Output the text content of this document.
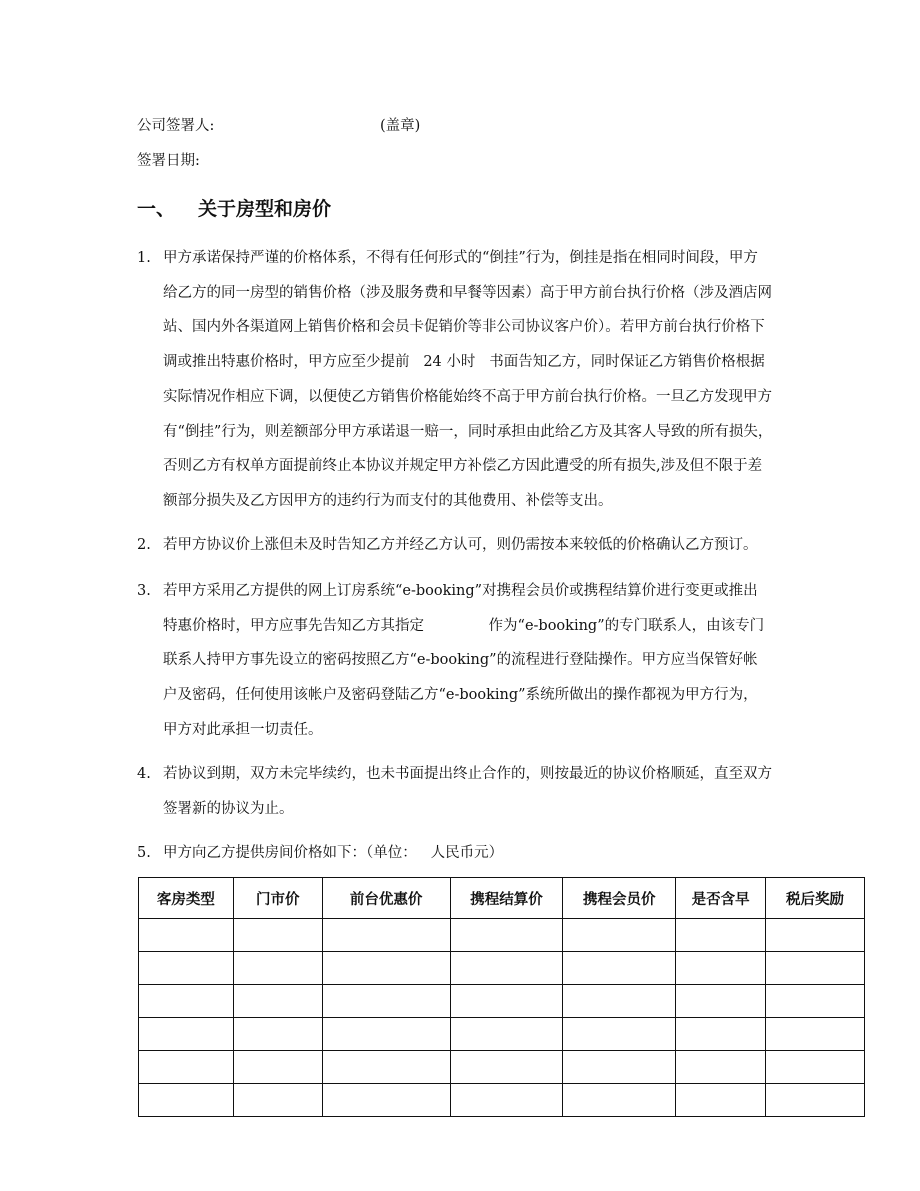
公司签署人:	(盖章)
签署日期:
一、 关于房型和房价
1. 甲方承诺保持严谨的价格体系，不得有任何形式的“倒挂”行为，倒挂是指在相同时间段，甲方
给乙方的同一房型的销售价格（涉及服务费和早餐等因素）高于甲方前台执行价格（涉及酒店网
站、国内外各渠道网上销售价格和会员卡促销价等非公司协议客户价）。若甲方前台执行价格下
调或推出特惠价格时，甲方应至少提前   24 小时   书面告知乙方，同时保证乙方销售价格根据
实际情况作相应下调，以便使乙方销售价格能始终不高于甲方前台执行价格。一旦乙方发现甲方
有“倒挂”行为，则差额部分甲方承诺退一赔一，同时承担由此给乙方及其客人导致的所有损失，
否则乙方有权单方面提前终止本协议并规定甲方补偿乙方因此遭受的所有损失,涉及但不限于差
额部分损失及乙方因甲方的违约行为而支付的其他费用、补偿等支出。
2. 若甲方协议价上涨但未及时告知乙方并经乙方认可，则仍需按本来较低的价格确认乙方预订。
3. 若甲方采用乙方提供的网上订房系统“e-booking”对携程会员价或携程结算价进行变更或推出
特惠价格时，甲方应事先告知乙方其指定              作为“e-booking”的专门联系人，由该专门
联系人持甲方事先设立的密码按照乙方“e-booking”的流程进行登陆操作。甲方应当保管好帐
户及密码，任何使用该帐户及密码登陆乙方“e-booking”系统所做出的操作都视为甲方行为，
甲方对此承担一切责任。
4. 若协议到期，双方未完毕续约，也未书面提出终止合作的，则按最近的协议价格顺延，直至双方
签署新的协议为止。
5. 甲方向乙方提供房间价格如下：（单位：   人民币元）
客房类型	门市价	前台优惠价	携程结算价	携程会员价	是否含早	税后奖励
